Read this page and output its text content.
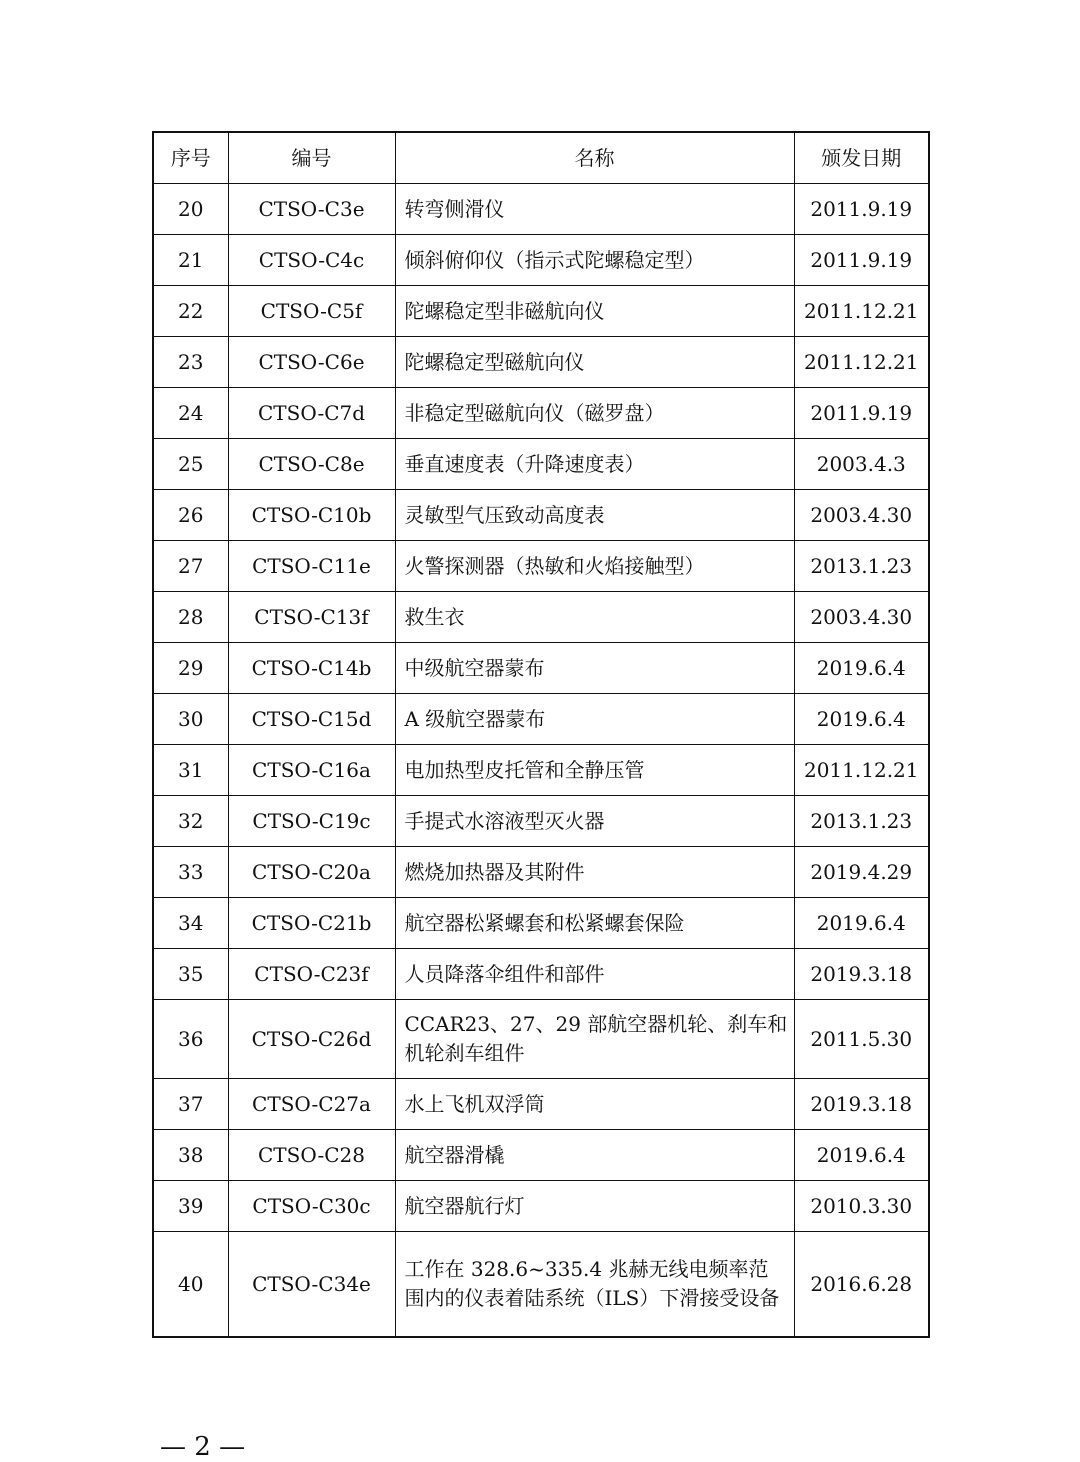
序号	编号	名称	颁发日期
20	CTSO-C3e	转弯侧滑仪	2011.9.19
21	CTSO-C4c	倾斜俯仰仪（指示式陀螺稳定型）	2011.9.19
22	CTSO-C5f	陀螺稳定型非磁航向仪	2011.12.21
23	CTSO-C6e	陀螺稳定型磁航向仪	2011.12.21
24	CTSO-C7d	非稳定型磁航向仪（磁罗盘）	2011.9.19
25	CTSO-C8e	垂直速度表（升降速度表）	2003.4.3
26	CTSO-C10b	灵敏型气压致动高度表	2003.4.30
27	CTSO-C11e	火警探测器（热敏和火焰接触型）	2013.1.23
28	CTSO-C13f	救生衣	2003.4.30
29	CTSO-C14b	中级航空器蒙布	2019.6.4
30	CTSO-C15d	A 级航空器蒙布	2019.6.4
31	CTSO-C16a	电加热型皮托管和全静压管	2011.12.21
32	CTSO-C19c	手提式水溶液型灭火器	2013.1.23
33	CTSO-C20a	燃烧加热器及其附件	2019.4.29
34	CTSO-C21b	航空器松紧螺套和松紧螺套保险	2019.6.4
35	CTSO-C23f	人员降落伞组件和部件	2019.3.18
36	CTSO-C26d	CCAR23、27、29 部航空器机轮、刹车和机轮刹车组件	2011.5.30
37	CTSO-C27a	水上飞机双浮筒	2019.3.18
38	CTSO-C28	航空器滑橇	2019.6.4
39	CTSO-C30c	航空器航行灯	2010.3.30
40	CTSO-C34e	工作在 328.6~335.4 兆赫无线电频率范围内的仪表着陆系统（ILS）下滑接受设备	2016.6.28
— 2 —
